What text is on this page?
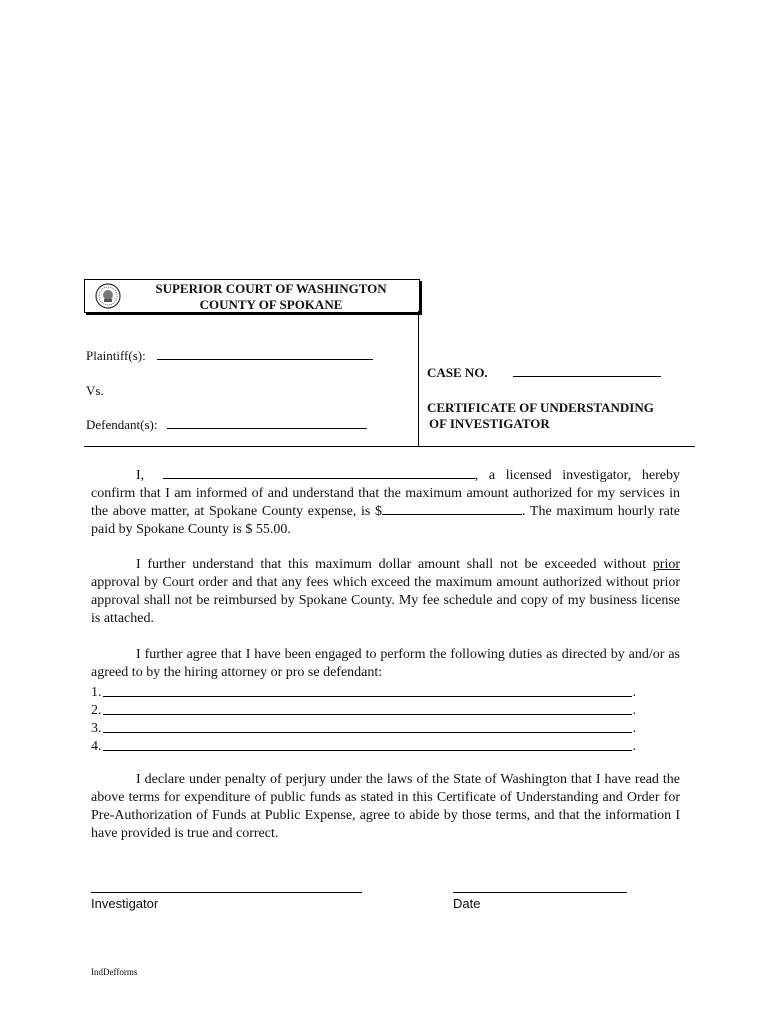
SUPERIOR COURT OF WASHINGTON
COUNTY OF SPOKANE
Plaintiff(s):
Vs.
Defendant(s):
CASE NO.
CERTIFICATE OF UNDERSTANDING
OF INVESTIGATOR
I,	, a licensed investigator, hereby confirm that I am informed of and understand that the maximum amount authorized for my services in the above matter, at Spokane County expense, is $	. The maximum hourly rate paid by Spokane County is $ 55.00.
I further understand that this maximum dollar amount shall not be exceeded without prior approval by Court order and that any fees which exceed the maximum amount authorized without prior approval shall not be reimbursed by Spokane County. My fee schedule and copy of my business license is attached.
I further agree that I have been engaged to perform the following duties as directed by and/or as agreed to by the hiring attorney or pro se defendant:
1.	.
2.	.
3.	.
4.	.
I declare under penalty of perjury under the laws of the State of Washington that I have read the above terms for expenditure of public funds as stated in this Certificate of Understanding and Order for Pre-Authorization of Funds at Public Expense, agree to abide by those terms, and that the information I have provided is true and correct.
Investigator	Date
IndDefforms
